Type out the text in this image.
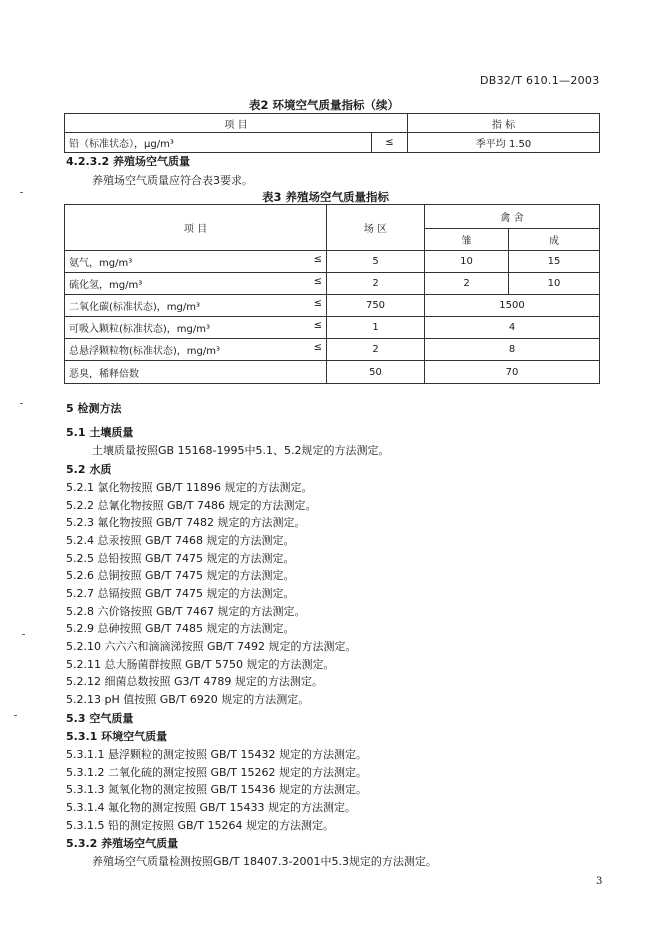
DB32/T 610.1—2003
表2 环境空气质量指标（续）
项 目		指 标
铅（标准状态），μg/m³	≤	季平均 1.50
4.2.3.2 养殖场空气质量
养殖场空气质量应符合表3要求。
表3 养殖场空气质量指标
项 目	场 区	禽 舍	
		雏	成
氨气，mg/m³ ≤	5	10	15
硫化氢，mg/m³ ≤	2	2	10
二氧化碳(标准状态)，mg/m³ ≤	750	1500	
可吸入颗粒(标准状态)，mg/m³ ≤	1	4	
总悬浮颗粒物(标准状态)，mg/m³ ≤	2	8	
恶臭，稀释倍数	50	70	
5 检测方法
5.1 土壤质量
土壤质量按照GB 15168-1995中5.1、5.2规定的方法测定。
5.2 水质
5.2.1 氯化物按照 GB/T 11896 规定的方法测定。
5.2.2 总氰化物按照 GB/T 7486 规定的方法测定。
5.2.3 氟化物按照 GB/T 7482 规定的方法测定。
5.2.4 总汞按照 GB/T 7468 规定的方法测定。
5.2.5 总铅按照 GB/T 7475 规定的方法测定。
5.2.6 总铜按照 GB/T 7475 规定的方法测定。
5.2.7 总镉按照 GB/T 7475 规定的方法测定。
5.2.8 六价铬按照 GB/T 7467 规定的方法测定。
5.2.9 总砷按照 GB/T 7485 规定的方法测定。
5.2.10 六六六和滴滴涕按照 GB/T 7492 规定的方法测定。
5.2.11 总大肠菌群按照 GB/T 5750 规定的方法测定。
5.2.12 细菌总数按照 G3/T 4789 规定的方法测定。
5.2.13 pH 值按照 GB/T 6920 规定的方法测定。
5.3 空气质量
5.3.1 环境空气质量
5.3.1.1 悬浮颗粒的测定按照 GB/T 15432 规定的方法测定。
5.3.1.2 二氧化硫的测定按照 GB/T 15262 规定的方法测定。
5.3.1.3 氮氧化物的测定按照 GB/T 15436 规定的方法测定。
5.3.1.4 氟化物的测定按照 GB/T 15433 规定的方法测定。
5.3.1.5 铅的测定按照 GB/T 15264 规定的方法测定。
5.3.2 养殖场空气质量
养殖场空气质量检测按照GB/T 18407.3-2001中5.3规定的方法测定。
3
